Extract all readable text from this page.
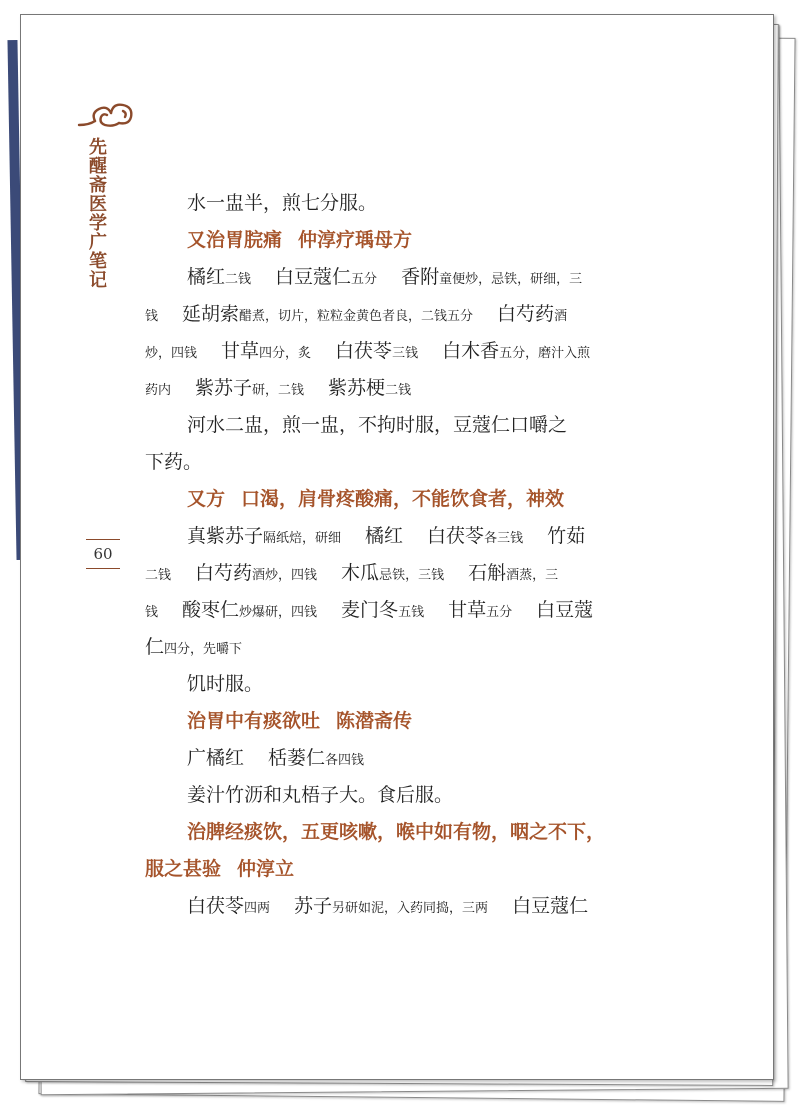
先醒斋医学广笔记
60
水一盅半，煎七分服。
又治胃脘痛 仲淳疗瑀母方
橘红二钱 白豆蔻仁五分 香附童便炒，忌铁，研细，三
钱 延胡索醋煮，切片，粒粒金黄色者良，二钱五分 白芍药酒
炒，四钱 甘草四分，炙 白茯苓三钱 白木香五分，磨汁入煎
药内 紫苏子研，二钱 紫苏梗二钱
河水二盅，煎一盅，不拘时服，豆蔻仁口嚼之
下药。
又方 口渴，肩骨疼酸痛，不能饮食者，神效
真紫苏子隔纸焙，研细 橘红 白茯苓各三钱 竹茹
二钱 白芍药酒炒，四钱 木瓜忌铁，三钱 石斛酒蒸，三
钱 酸枣仁炒爆研，四钱 麦门冬五钱 甘草五分 白豆蔻
仁四分，先嚼下
饥时服。
治胃中有痰欲吐 陈潜斋传
广橘红 栝蒌仁各四钱
姜汁竹沥和丸梧子大。食后服。
治脾经痰饮，五更咳嗽，喉中如有物，咽之不下，
服之甚验 仲淳立
白茯苓四两 苏子另研如泥，入药同捣，三两 白豆蔻仁
